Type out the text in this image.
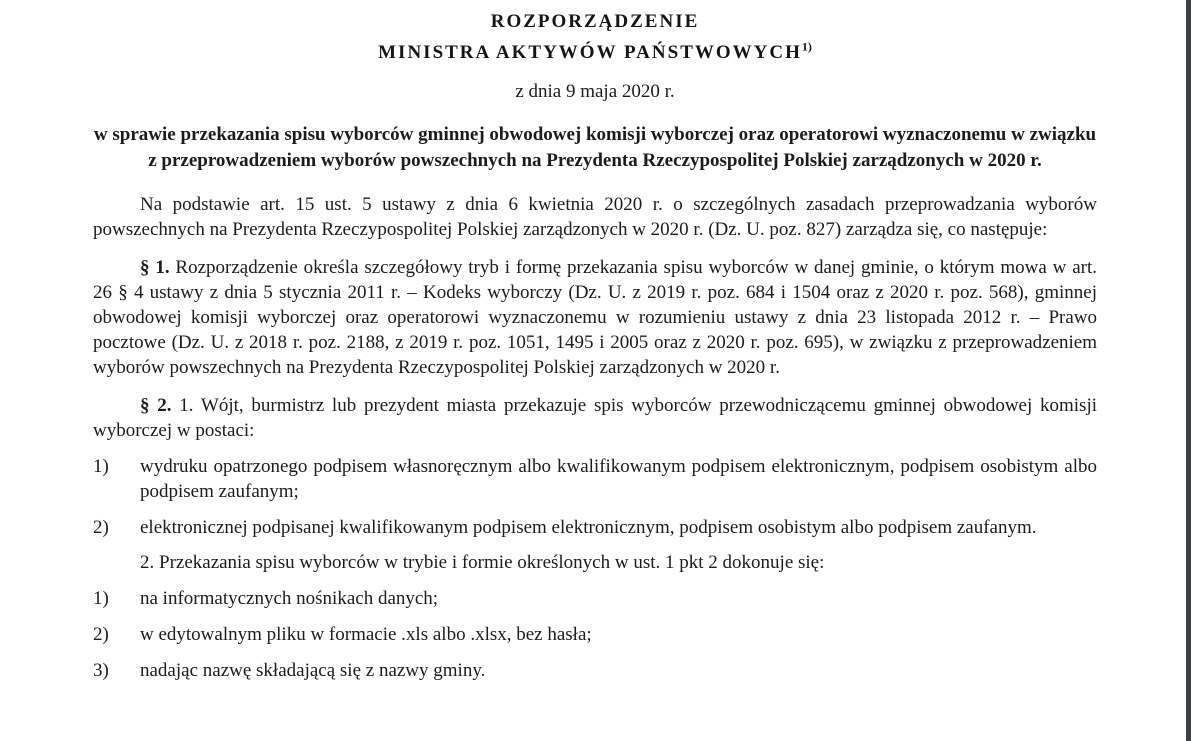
ROZPORZĄDZENIE
MINISTRA AKTYWÓW PAŃSTWOWYCH$^{1)}$

z dnia 9 maja 2020 r.

w sprawie przekazania spisu wyborców gminnej obwodowej komisji wyborczej oraz operatorowi wyznaczonemu w związku z przeprowadzeniem wyborów powszechnych na Prezydenta Rzeczypospolitej Polskiej zarządzonych w 2020 r.

Na podstawie art. 15 ust. 5 ustawy z dnia 6 kwietnia 2020 r. o szczególnych zasadach przeprowadzania wyborów powszechnych na Prezydenta Rzeczypospolitej Polskiej zarządzonych w 2020 r. (Dz. U. poz. 827) zarządza się, co następuje:

§ 1. Rozporządzenie określa szczegółowy tryb i formę przekazania spisu wyborców w danej gminie, o którym mowa w art. 26 § 4 ustawy z dnia 5 stycznia 2011 r. – Kodeks wyborczy (Dz. U. z 2019 r. poz. 684 i 1504 oraz z 2020 r. poz. 568), gminnej obwodowej komisji wyborczej oraz operatorowi wyznaczonemu w rozumieniu ustawy z dnia 23 listopada 2012 r. – Prawo pocztowe (Dz. U. z 2018 r. poz. 2188, z 2019 r. poz. 1051, 1495 i 2005 oraz z 2020 r. poz. 695), w związku z przeprowadzeniem wyborów powszechnych na Prezydenta Rzeczypospolitej Polskiej zarządzonych w 2020 r.

§ 2. 1. Wójt, burmistrz lub prezydent miasta przekazuje spis wyborców przewodniczącemu gminnej obwodowej komisji wyborczej w postaci:

1) wydruku opatrzonego podpisem własnoręcznym albo kwalifikowanym podpisem elektronicznym, podpisem osobistym albo podpisem zaufanym;

2) elektronicznej podpisanej kwalifikowanym podpisem elektronicznym, podpisem osobistym albo podpisem zaufanym.

2. Przekazania spisu wyborców w trybie i formie określonych w ust. 1 pkt 2 dokonuje się:

1) na informatycznych nośnikach danych;

2) w edytowalnym pliku w formacie .xls albo .xlsx, bez hasła;

3) nadając nazwę składającą się z nazwy gminy.
